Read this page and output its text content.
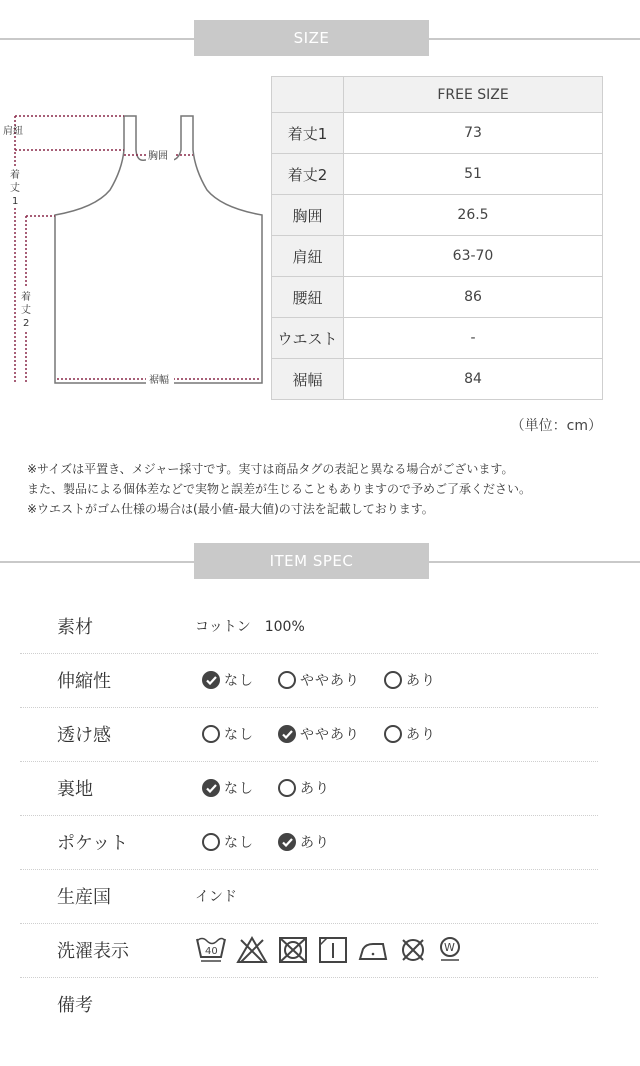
SIZE
肩紐
胸囲
裾幅
着
丈
1
着
丈
2
	FREE SIZE
着丈1	73
着丈2	51
胸囲	26.5
肩紐	63-70
腰紐	86
ウエスト	-
裾幅	84
（単位：cm）
※サイズは平置き、メジャー採寸です。実寸は商品タグの表記と異なる場合がございます。
また、製品による個体差などで実物と誤差が生じることもありますので予めご了承ください。
※ウエストがゴム仕様の場合は(最小値-最大値)の寸法を記載しております。
ITEM SPEC
素材	コットン　100%
伸縮性	なし	ややあり	あり
透け感	なし	ややあり	あり
裏地	なし	あり
ポケット	なし	あり
生産国	インド
洗濯表示	40	W
備考
